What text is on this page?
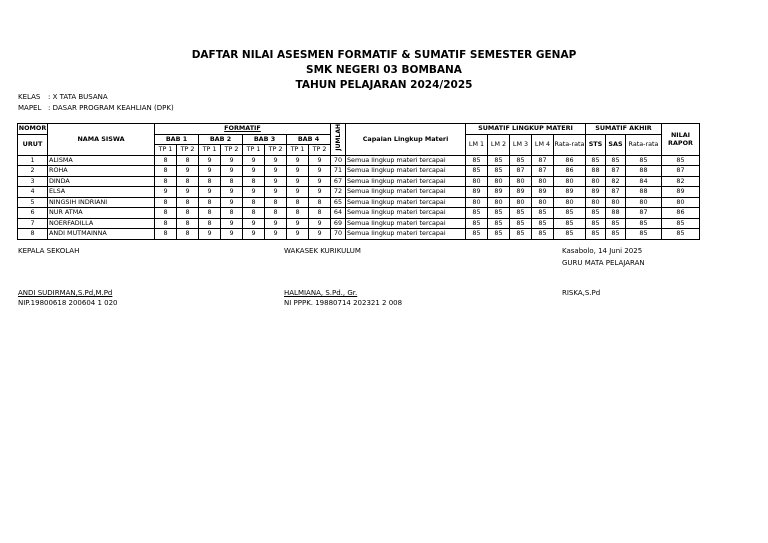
DAFTAR NILAI ASESMEN FORMATIF & SUMATIF SEMESTER GENAP
SMK NEGERI 03 BOMBANA
TAHUN PELAJARAN 2024/2025
KELAS : X TATA BUSANA
MAPEL : DASAR PROGRAM KEAHLIAN (DPK)
NOMOR	NAMA SISWA	FORMATIF								JUMLAH	Capaian Lingkup Materi	SUMATIF LINGKUP MATERI					SUMATIF AKHIR			NILAI RAPOR
URUT		BAB 1		BAB 2		BAB 3		BAB 4				LM 1	LM 2	LM 3	LM 4	Rata-rata	STS	SAS	Rata-rata	
		TP 1	TP 2	TP 1	TP 2	TP 1	TP 2	TP 1	TP 2											
1	ALISMA	8	8	9	9	9	9	9	9	70	Semua lingkup materi tercapai	85	85	85	87	86	85	85	85	85
2	ROHA	8	9	9	9	9	9	9	9	71	Semua lingkup materi tercapai	85	85	87	87	86	88	87	88	87
3	DINDA	8	8	8	8	8	9	9	9	67	Semua lingkup materi tercapai	80	80	80	80	80	80	82	84	82
4	ELSA	9	9	9	9	9	9	9	9	72	Semua lingkup materi tercapai	89	89	89	89	89	89	87	88	89
5	NINGSIH INDRIANI	8	8	8	9	8	8	8	8	65	Semua lingkup materi tercapai	80	80	80	80	80	80	80	80	80
6	NUR ATMA	8	8	8	8	8	8	8	8	64	Semua lingkup materi tercapai	85	85	85	85	85	85	88	87	86
7	NOERFADILLA	8	8	8	9	9	9	9	9	69	Semua lingkup materi tercapai	85	85	85	85	85	85	85	85	85
8	ANDI MUTMAINNA	8	8	9	9	9	9	9	9	70	Semua lingkup materi tercapai	85	85	85	85	85	85	85	85	85
KEPALA SEKOLAH
ANDI SUDIRMAN,S.Pd,M.Pd
NIP.19800618 200604 1 020
WAKASEK KURIKULUM
HALMIANA, S.Pd., Gr.
NI PPPK. 19880714 202321 2 008
Kasabolo, 14 Juni 2025
GURU MATA PELAJARAN
RISKA,S.Pd
